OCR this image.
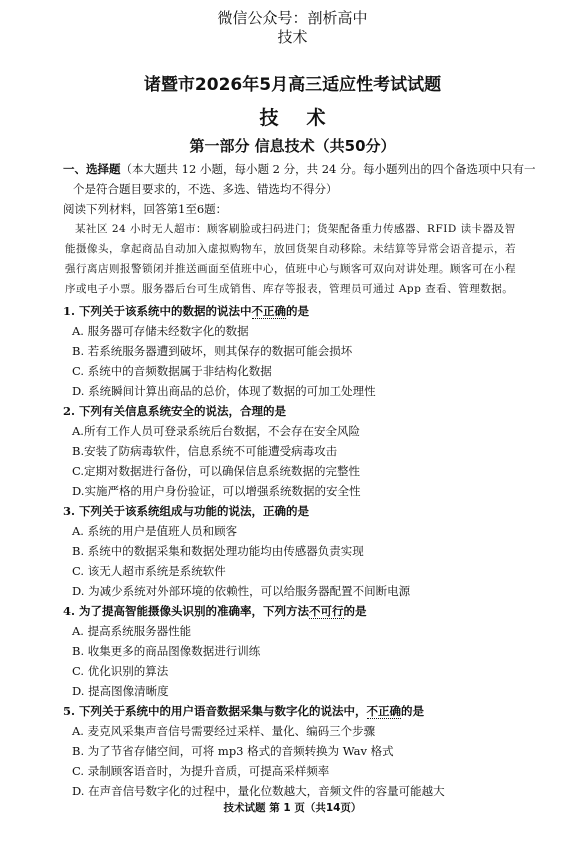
微信公众号：剖析高中
技术
诸暨市2026年5月高三适应性考试试题
技术
第一部分 信息技术（共50分）
一、选择题（本大题共 12 小题，每小题 2 分，共 24 分。每小题列出的四个备选项中只有一
个是符合题目要求的，不选、多选、错选均不得分）
阅读下列材料，回答第1至6题：
某社区 24 小时无人超市：顾客刷脸或扫码进门；货架配备重力传感器、RFID 读卡器及智
能摄像头，拿起商品自动加入虚拟购物车，放回货架自动移除。未结算等异常会语音提示，若
强行离店则报警锁闭并推送画面至值班中心，值班中心与顾客可双向对讲处理。顾客可在小程
序或电子小票。服务器后台可生成销售、库存等报表，管理员可通过 App 查看、管理数据。
1. 下列关于该系统中的数据的说法中不正确的是
A. 服务器可存储未经数字化的数据
B. 若系统服务器遭到破坏，则其保存的数据可能会损坏
C. 系统中的音频数据属于非结构化数据
D. 系统瞬间计算出商品的总价，体现了数据的可加工处理性
2. 下列有关信息系统安全的说法，合理的是
A.所有工作人员可登录系统后台数据，不会存在安全风险
B.安装了防病毒软件，信息系统不可能遭受病毒攻击
C.定期对数据进行备份，可以确保信息系统数据的完整性
D.实施严格的用户身份验证，可以增强系统数据的安全性
3. 下列关于该系统组成与功能的说法，正确的是
A. 系统的用户是值班人员和顾客
B. 系统中的数据采集和数据处理功能均由传感器负责实现
C. 该无人超市系统是系统软件
D. 为减少系统对外部环境的依赖性，可以给服务器配置不间断电源
4. 为了提高智能摄像头识别的准确率，下列方法不可行的是
A. 提高系统服务器性能
B. 收集更多的商品图像数据进行训练
C. 优化识别的算法
D. 提高图像清晰度
5. 下列关于系统中的用户语音数据采集与数字化的说法中，不正确的是
A. 麦克风采集声音信号需要经过采样、量化、编码三个步骤
B. 为了节省存储空间，可将 mp3 格式的音频转换为 Wav 格式
C. 录制顾客语音时，为提升音质，可提高采样频率
D. 在声音信号数字化的过程中，量化位数越大，音频文件的容量可能越大
技术试题 第 1 页（共14页）
